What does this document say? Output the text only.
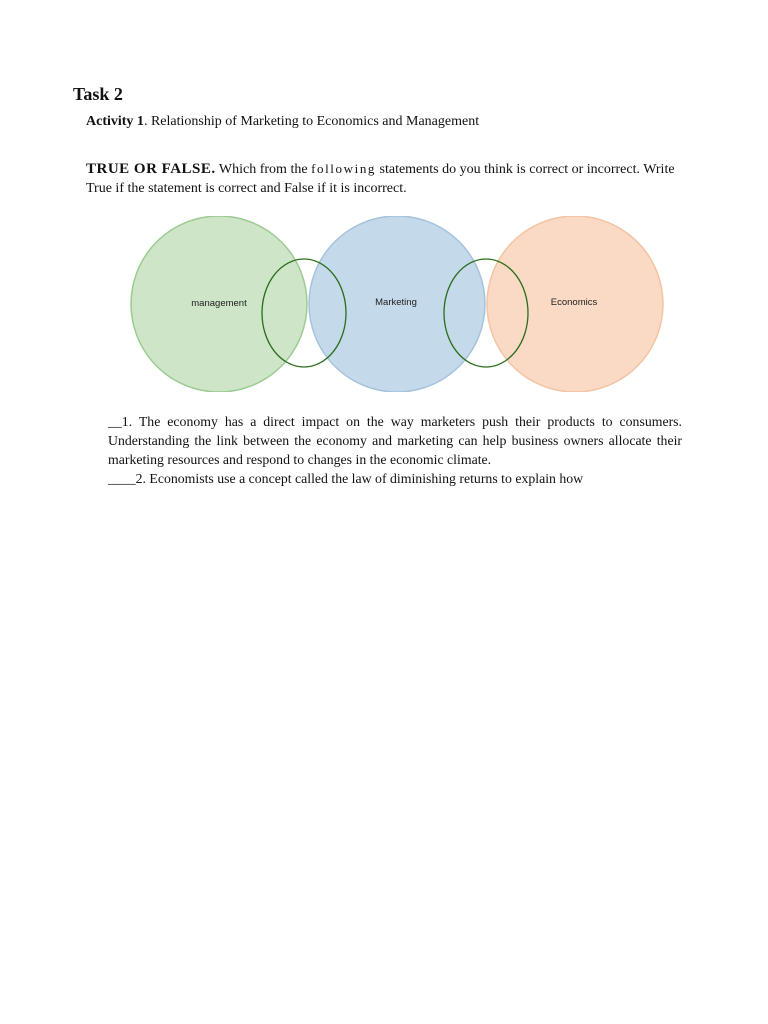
Task 2

Activity 1. Relationship of Marketing to Economics and Management

TRUE OR FALSE. Which from the following statements do you think is correct or incorrect. Write True if the statement is correct and False if it is incorrect.

management	Marketing	Economics

__1. The economy has a direct impact on the way marketers push their products to consumers. Understanding the link between the economy and marketing can help business owners allocate their marketing resources and respond to changes in the economic climate.

____2. Economists use a concept called the law of diminishing returns to explain how
